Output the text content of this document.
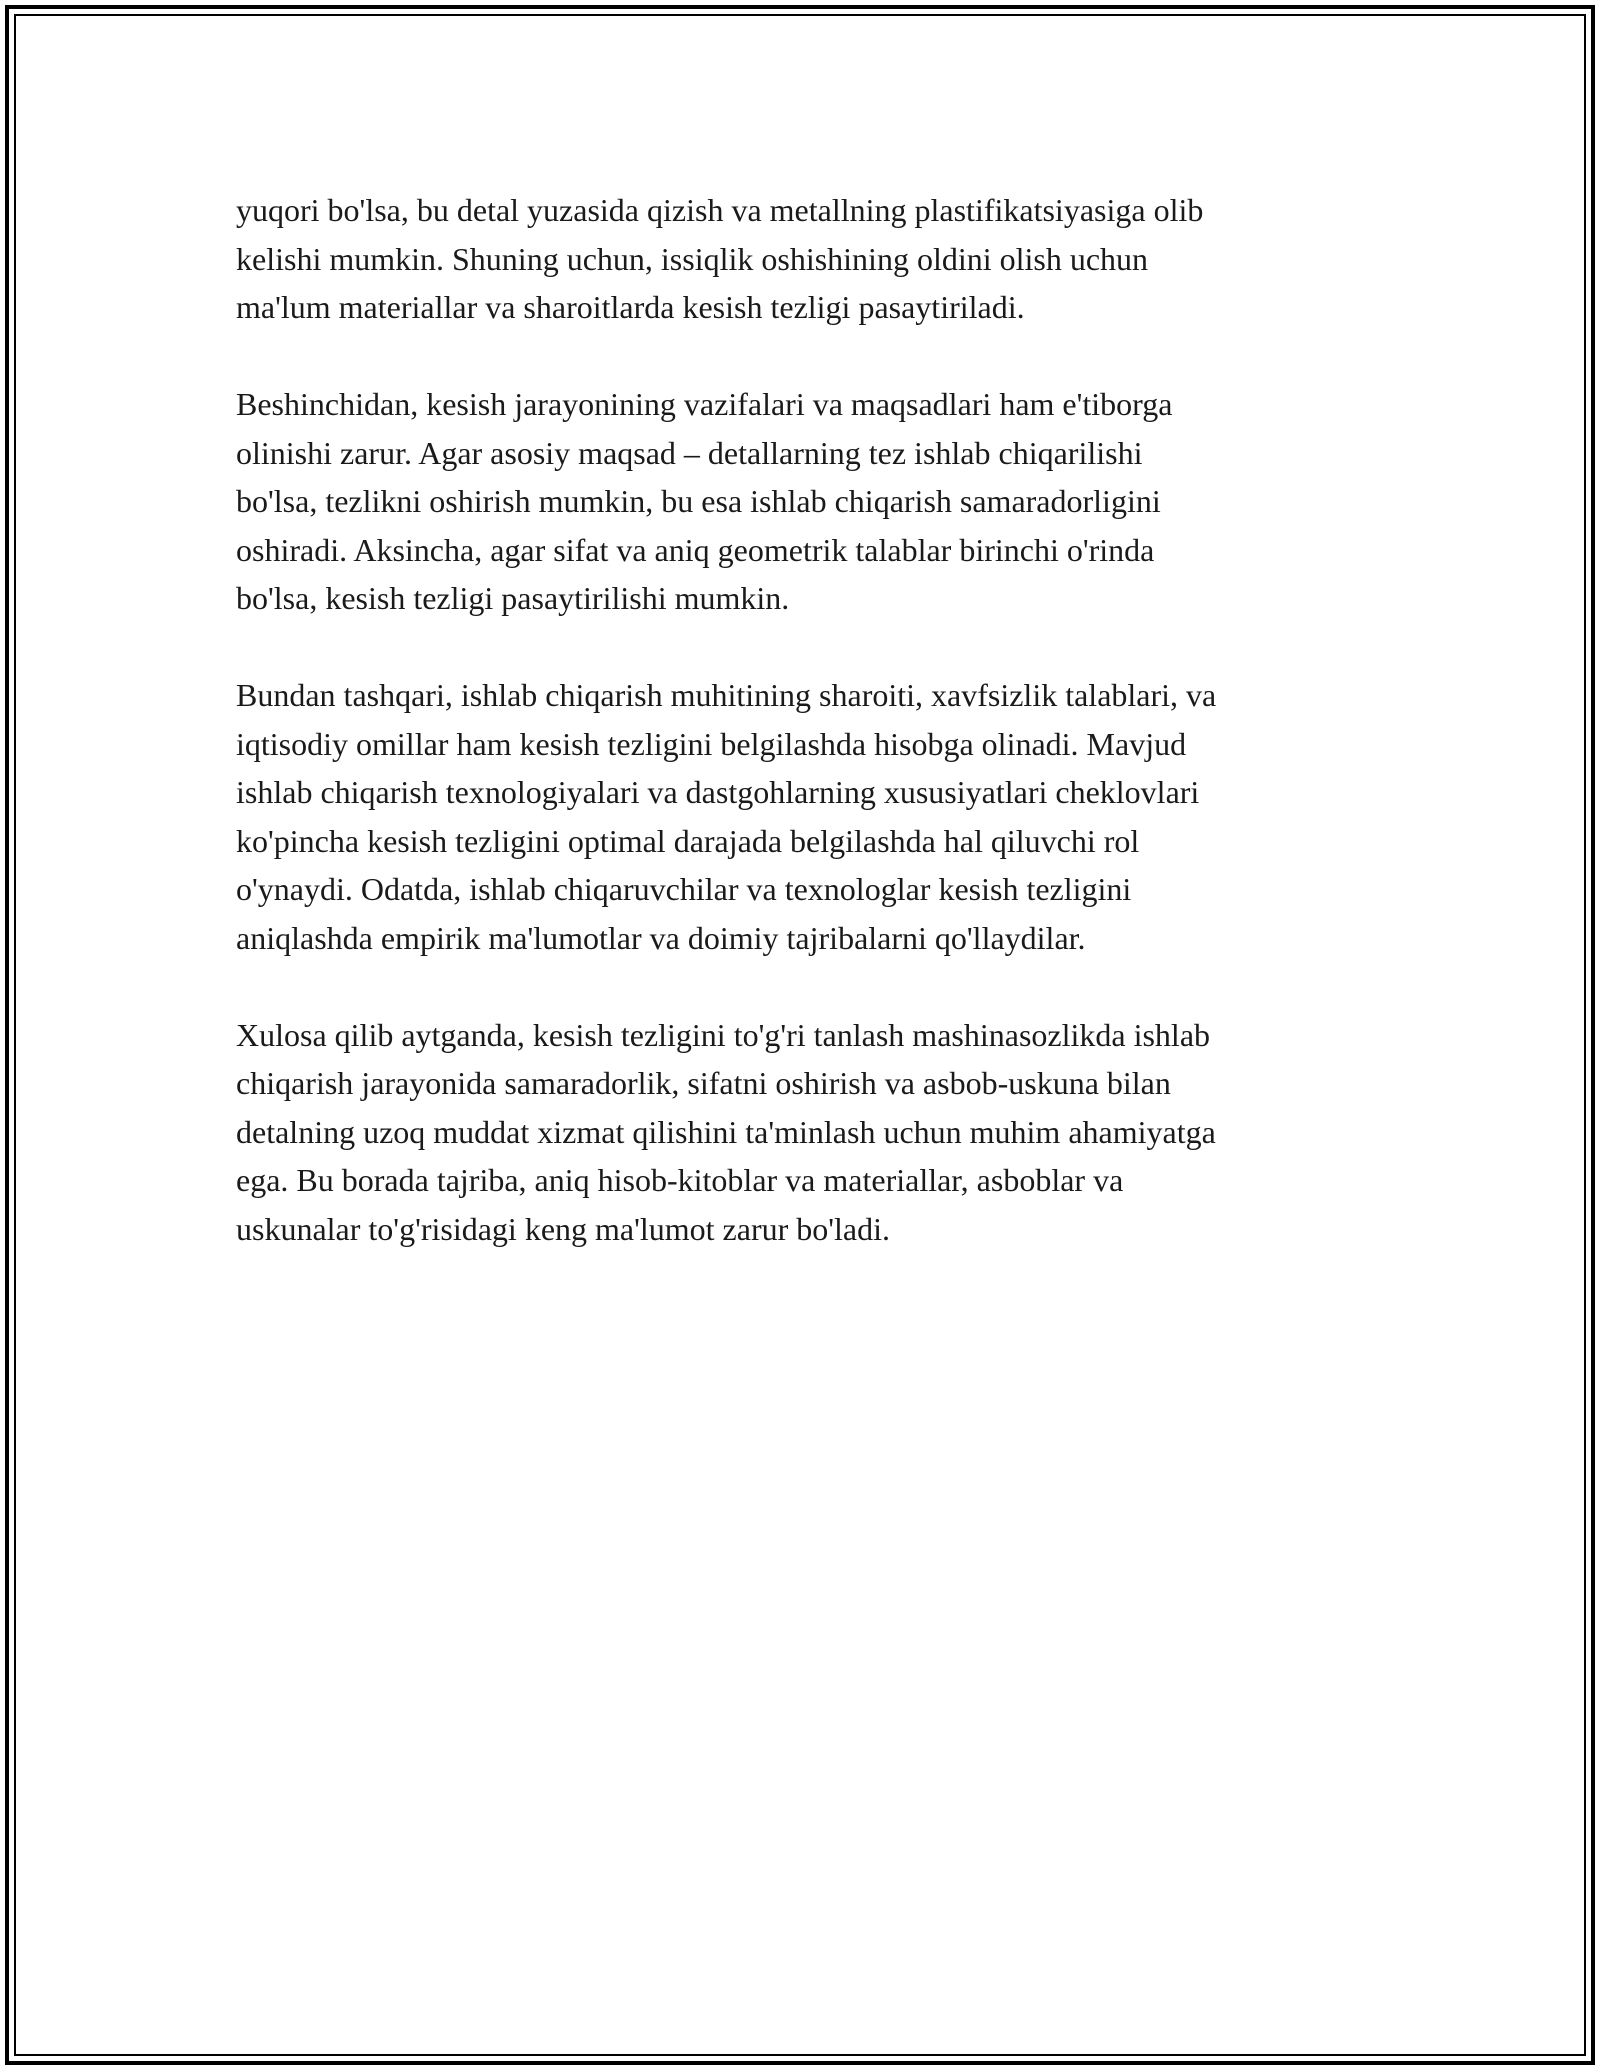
yuqori bo'lsa, bu detal yuzasida qizish va metallning plastifikatsiyasiga olib
kelishi mumkin. Shuning uchun, issiqlik oshishining oldini olish uchun
ma'lum materiallar va sharoitlarda kesish tezligi pasaytiriladi.

Beshinchidan, kesish jarayonining vazifalari va maqsadlari ham e'tiborga
olinishi zarur. Agar asosiy maqsad – detallarning tez ishlab chiqarilishi
bo'lsa, tezlikni oshirish mumkin, bu esa ishlab chiqarish samaradorligini
oshiradi. Aksincha, agar sifat va aniq geometrik talablar birinchi o'rinda
bo'lsa, kesish tezligi pasaytirilishi mumkin.

Bundan tashqari, ishlab chiqarish muhitining sharoiti, xavfsizlik talablari, va
iqtisodiy omillar ham kesish tezligini belgilashda hisobga olinadi. Mavjud
ishlab chiqarish texnologiyalari va dastgohlarning xususiyatlari cheklovlari
ko'pincha kesish tezligini optimal darajada belgilashda hal qiluvchi rol
o'ynaydi. Odatda, ishlab chiqaruvchilar va texnologlar kesish tezligini
aniqlashda empirik ma'lumotlar va doimiy tajribalarni qo'llaydilar.

Xulosa qilib aytganda, kesish tezligini to'g'ri tanlash mashinasozlikda ishlab
chiqarish jarayonida samaradorlik, sifatni oshirish va asbob-uskuna bilan
detalning uzoq muddat xizmat qilishini ta'minlash uchun muhim ahamiyatga
ega. Bu borada tajriba, aniq hisob-kitoblar va materiallar, asboblar va
uskunalar to'g'risidagi keng ma'lumot zarur bo'ladi.
